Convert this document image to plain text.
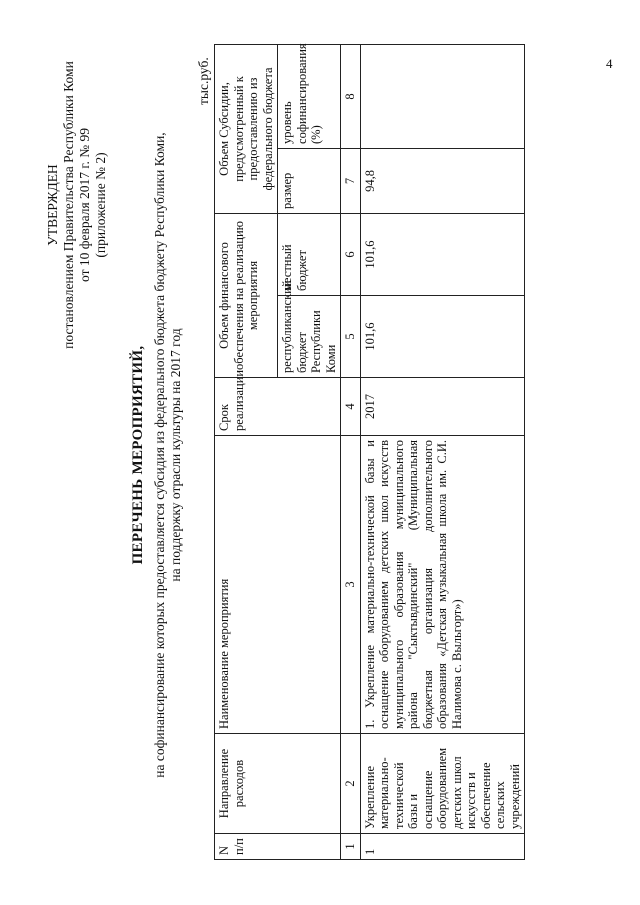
4
УТВЕРЖДЕН постановлением Правительства Республики Коми от 10 февраля 2017 г. № 99 (приложение № 2)
ПЕРЕЧЕНЬ МЕРОПРИЯТИЙ, на софинансирование которых предоставляется субсидия из федерального бюджета бюджету Республики Коми, на поддержку отрасли культуры на 2017 год
тыс.руб.
N п/п	Направление расходов	Наименование мероприятия	Срок реализации	Объем финансового обеспечения на реализацию мероприятия		Объем Субсидии, предусмотренный к предоставлению из федерального бюджета	
				республиканский бюджет Республики Коми	местный бюджет	размер	уровень софинансирования (%)
1	2	3	4	5	6	7	8
1	Укрепление материально-технической базы и оснащение оборудованием детских школ искусств и обеспечение сельских учреждений	1. Укрепление материально-технической базы и оснащение оборудованием детских школ искусств муниципального образования муниципального района "Сыктывдинский" (Муниципальная бюджетная организация дополнительного образования «Детская музыкальная школа им. С.И. Налимова с. Выльгорт»)	2017	101,6	101,6	94,8	
